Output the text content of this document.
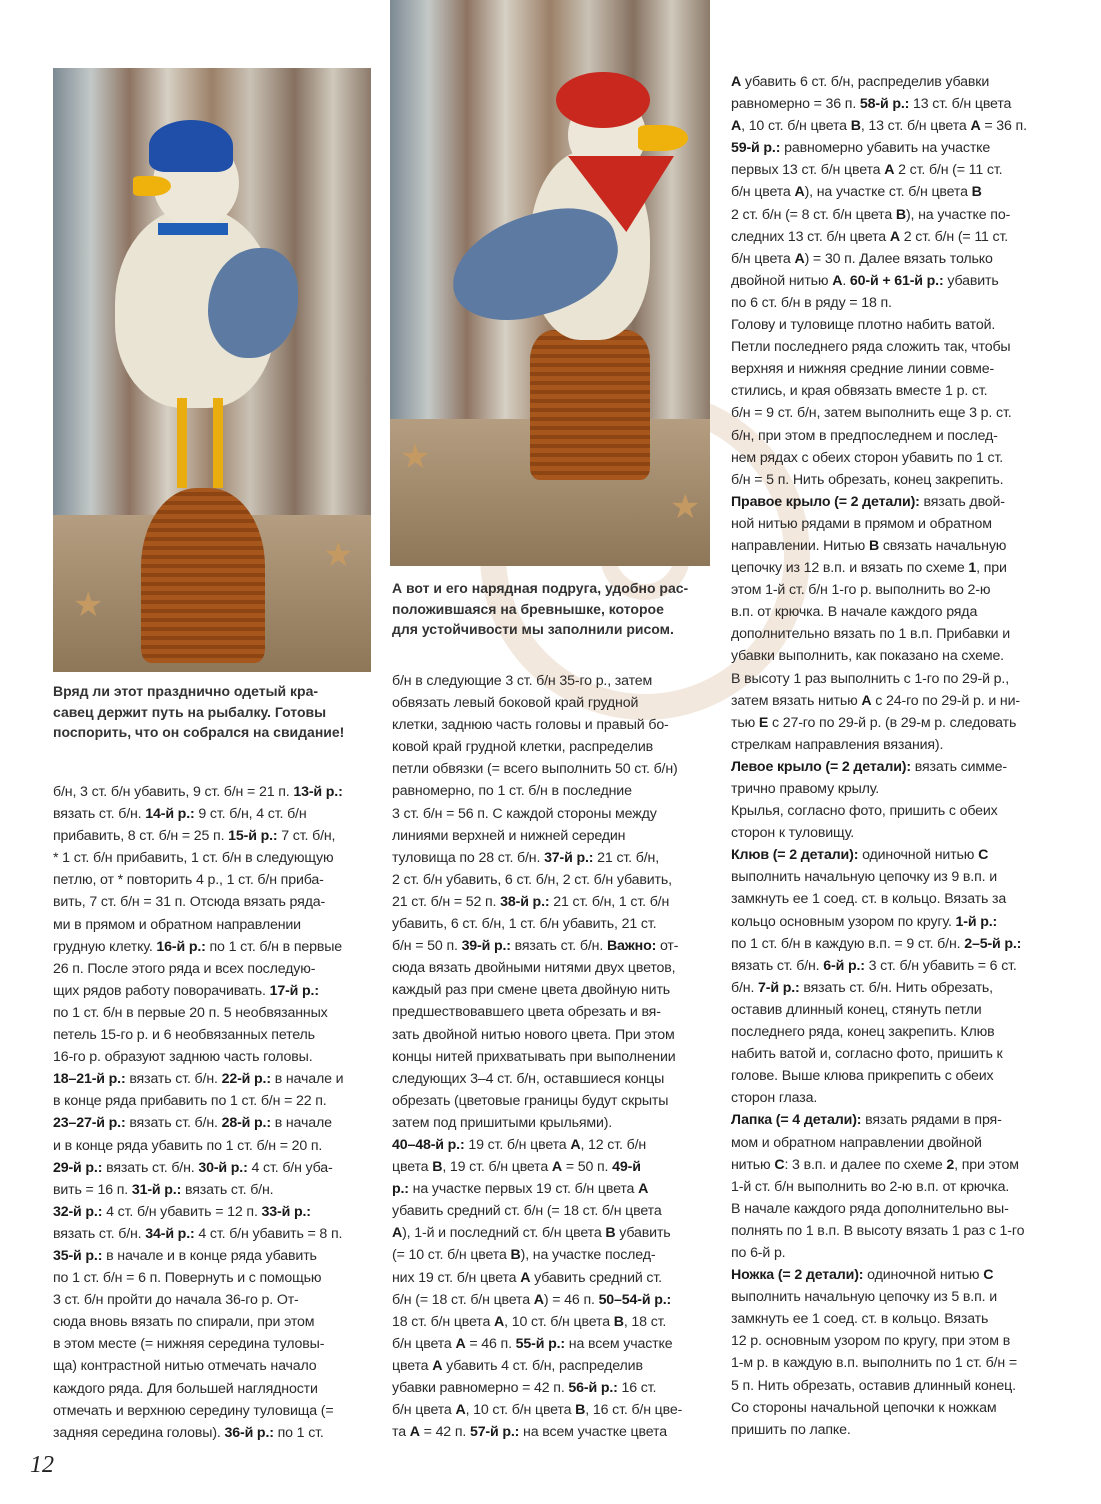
★
★
★
★

Вряд ли этот празднично одетый кра-
савец держит путь на рыбалку. Готовы
поспорить, что он собрался на свидание!

А вот и его нарядная подруга, удобно рас-
положившаяся на бревнышке, которое
для устойчивости мы заполнили рисом.

б/н, 3 ст. б/н убавить, 9 ст. б/н = 21 п. 13-й р.:
вязать ст. б/н. 14-й р.: 9 ст. б/н, 4 ст. б/н
прибавить, 8 ст. б/н = 25 п. 15-й р.: 7 ст. б/н,
* 1 ст. б/н прибавить, 1 ст. б/н в следующую
петлю, от * повторить 4 р., 1 ст. б/н приба-
вить, 7 ст. б/н = 31 п. Отсюда вязать ряда-
ми в прямом и обратном направлении
грудную клетку. 16-й р.: по 1 ст. б/н в первые
26 п. После этого ряда и всех последую-
щих рядов работу поворачивать. 17-й р.:
по 1 ст. б/н в первые 20 п. 5 необвязанных
петель 15-го р. и 6 необвязанных петель
16-го р. образуют заднюю часть головы.
18–21-й р.: вязать ст. б/н. 22-й р.: в начале и
в конце ряда прибавить по 1 ст. б/н = 22 п.
23–27-й р.: вязать ст. б/н. 28-й р.: в начале
и в конце ряда убавить по 1 ст. б/н = 20 п.
29-й р.: вязать ст. б/н. 30-й р.: 4 ст. б/н уба-
вить = 16 п. 31-й р.: вязать ст. б/н.
32-й р.: 4 ст. б/н убавить = 12 п. 33-й р.:
вязать ст. б/н. 34-й р.: 4 ст. б/н убавить = 8 п.
35-й р.: в начале и в конце ряда убавить
по 1 ст. б/н = 6 п. Повернуть и с помощью
3 ст. б/н пройти до начала 36-го р. От-
сюда вновь вязать по спирали, при этом
в этом месте (= нижняя середина туловы-
ща) контрастной нитью отмечать начало
каждого ряда. Для большей наглядности
отмечать и верхнюю середину туловища (=
задняя середина головы). 36-й р.: по 1 ст.
б/н в следующие 3 ст. б/н 35-го р., затем
обвязать левый боковой край грудной
клетки, заднюю часть головы и правый бо-
ковой край грудной клетки, распределив
петли обвязки (= всего выполнить 50 ст. б/н)
равномерно, по 1 ст. б/н в последние
3 ст. б/н = 56 п. С каждой стороны между
линиями верхней и нижней середин
туловища по 28 ст. б/н. 37-й р.: 21 ст. б/н,
2 ст. б/н убавить, 6 ст. б/н, 2 ст. б/н убавить,
21 ст. б/н = 52 п. 38-й р.: 21 ст. б/н, 1 ст. б/н
убавить, 6 ст. б/н, 1 ст. б/н убавить, 21 ст.
б/н = 50 п. 39-й р.: вязать ст. б/н. Важно: от-
сюда вязать двойными нитями двух цветов,
каждый раз при смене цвета двойную нить
предшествовавшего цвета обрезать и вя-
зать двойной нитью нового цвета. При этом
концы нитей прихватывать при выполнении
следующих 3–4 ст. б/н, оставшиеся концы
обрезать (цветовые границы будут скрыты
затем под пришитыми крыльями).
40–48-й р.: 19 ст. б/н цвета A, 12 ст. б/н
цвета B, 19 ст. б/н цвета A = 50 п. 49-й
р.: на участке первых 19 ст. б/н цвета A
убавить средний ст. б/н (= 18 ст. б/н цвета
A), 1-й и последний ст. б/н цвета B убавить
(= 10 ст. б/н цвета B), на участке послед-
них 19 ст. б/н цвета A убавить средний ст.
б/н (= 18 ст. б/н цвета A) = 46 п. 50–54-й р.:
18 ст. б/н цвета A, 10 ст. б/н цвета B, 18 ст.
б/н цвета A = 46 п. 55-й р.: на всем участке
цвета A убавить 4 ст. б/н, распределив
убавки равномерно = 42 п. 56-й р.: 16 ст.
б/н цвета A, 10 ст. б/н цвета B, 16 ст. б/н цве-
та A = 42 п. 57-й р.: на всем участке цвета
A убавить 6 ст. б/н, распределив убавки
равномерно = 36 п. 58-й р.: 13 ст. б/н цвета
A, 10 ст. б/н цвета B, 13 ст. б/н цвета A = 36 п.
59-й р.: равномерно убавить на участке
первых 13 ст. б/н цвета A 2 ст. б/н (= 11 ст.
б/н цвета A), на участке ст. б/н цвета B
2 ст. б/н (= 8 ст. б/н цвета B), на участке по-
следних 13 ст. б/н цвета A 2 ст. б/н (= 11 ст.
б/н цвета A) = 30 п. Далее вязать только
двойной нитью A. 60-й + 61-й р.: убавить
по 6 ст. б/н в ряду = 18 п.
Голову и туловище плотно набить ватой.
Петли последнего ряда сложить так, чтобы
верхняя и нижняя средние линии совме-
стились, и края обвязать вместе 1 р. ст.
б/н = 9 ст. б/н, затем выполнить еще 3 р. ст.
б/н, при этом в предпоследнем и послед-
нем рядах с обеих сторон убавить по 1 ст.
б/н = 5 п. Нить обрезать, конец закрепить.
Правое крыло (= 2 детали): вязать двой-
ной нитью рядами в прямом и обратном
направлении. Нитью B связать начальную
цепочку из 12 в.п. и вязать по схеме 1, при
этом 1-й ст. б/н 1-го р. выполнить во 2-ю
в.п. от крючка. В начале каждого ряда
дополнительно вязать по 1 в.п. Прибавки и
убавки выполнить, как показано на схеме.
В высоту 1 раз выполнить с 1-го по 29-й р.,
затем вязать нитью A с 24-го по 29-й р. и ни-
тью E с 27-го по 29-й р. (в 29-м р. следовать
стрелкам направления вязания).
Левое крыло (= 2 детали): вязать симме-
трично правому крылу.
Крылья, согласно фото, пришить с обеих
сторон к туловищу.
Клюв (= 2 детали): одиночной нитью C
выполнить начальную цепочку из 9 в.п. и
замкнуть ее 1 соед. ст. в кольцо. Вязать за
кольцо основным узором по кругу. 1-й р.:
по 1 ст. б/н в каждую в.п. = 9 ст. б/н. 2–5-й р.:
вязать ст. б/н. 6-й р.: 3 ст. б/н убавить = 6 ст.
б/н. 7-й р.: вязать ст. б/н. Нить обрезать,
оставив длинный конец, стянуть петли
последнего ряда, конец закрепить. Клюв
набить ватой и, согласно фото, пришить к
голове. Выше клюва прикрепить с обеих
сторон глаза.
Лапка (= 4 детали): вязать рядами в пря-
мом и обратном направлении двойной
нитью C: 3 в.п. и далее по схеме 2, при этом
1-й ст. б/н выполнить во 2-ю в.п. от крючка.
В начале каждого ряда дополнительно вы-
полнять по 1 в.п. В высоту вязать 1 раз с 1-го
по 6-й р.
Ножка (= 2 детали): одиночной нитью C
выполнить начальную цепочку из 5 в.п. и
замкнуть ее 1 соед. ст. в кольцо. Вязать
12 р. основным узором по кругу, при этом в
1-м р. в каждую в.п. выполнить по 1 ст. б/н =
5 п. Нить обрезать, оставив длинный конец.
Со стороны начальной цепочки к ножкам
пришить по лапке.
12
